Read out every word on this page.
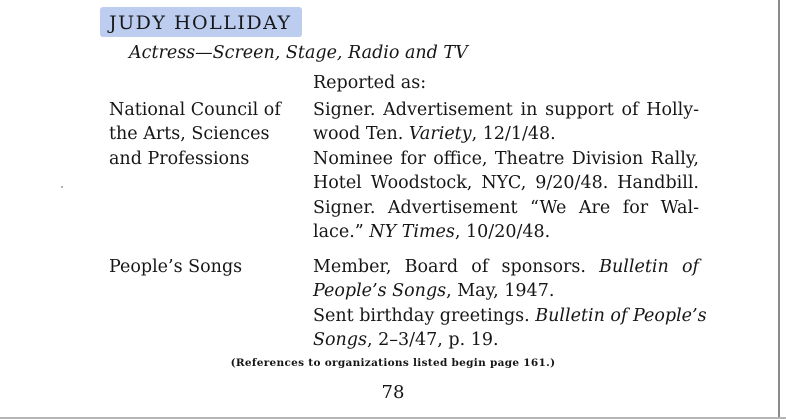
JUDY HOLLIDAY
Actress—Screen, Stage, Radio and TV
Reported as:
National Council of
the Arts, Sciences
and Professions
Signer. Advertisement in support of Holly-
wood Ten. Variety, 12/1/48.
Nominee for office, Theatre Division Rally,
Hotel Woodstock, NYC, 9/20/48. Handbill.
Signer. Advertisement “We Are for Wal-
lace.” NY Times, 10/20/48.
People’s Songs	Member, Board of sponsors. Bulletin of
People’s Songs, May, 1947.
Sent birthday greetings. Bulletin of People’s
Songs, 2–3/47, p. 19.
(References to organizations listed begin page 161.)
78
